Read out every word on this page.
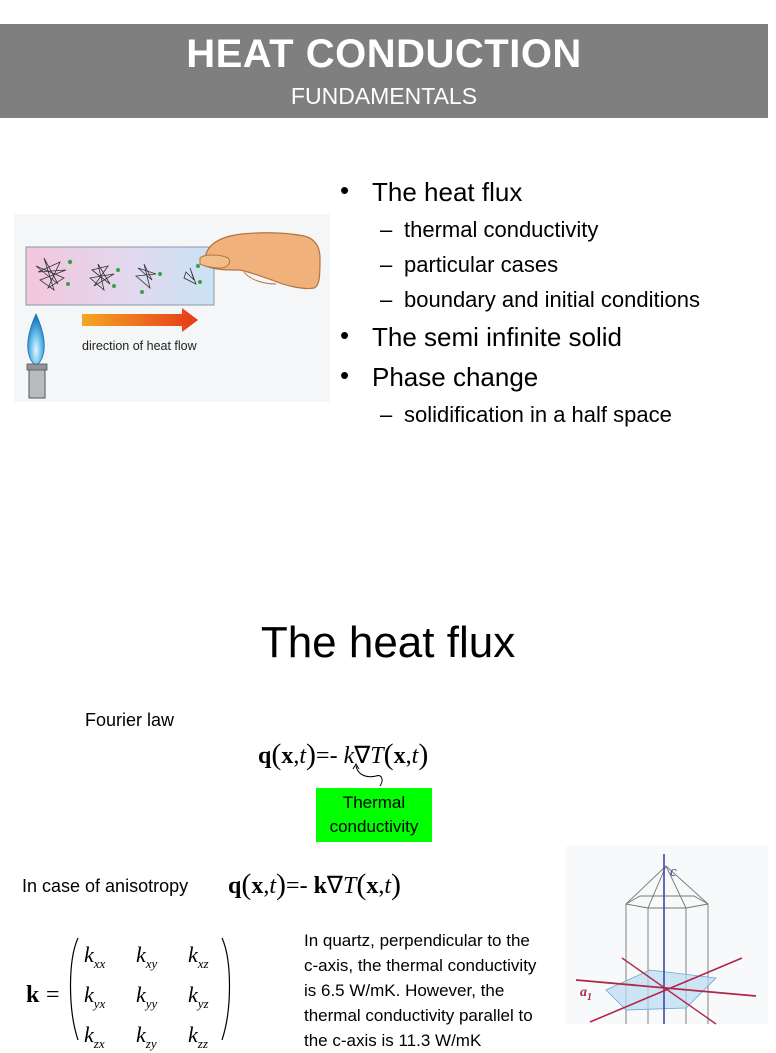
HEAT CONDUCTION
FUNDAMENTALS
direction of heat flow
• The heat flux
– thermal conductivity
– particular cases
– boundary and initial conditions
• The semi infinite solid
• Phase change
– solidification in a half space
The heat flux
Fourier law
q(x,t)=- k∇T(x,t)
Thermal conductivity
In case of anisotropy q(x,t)=- k∇T(x,t)
k =
$k_{xx}$ $k_{xy}$ $k_{xz}$
$k_{yx}$ $k_{yy}$ $k_{yz}$
$k_{zx}$ $k_{zy}$ $k_{zz}$
In quartz, perpendicular to the c-axis, the thermal conductivity is 6.5 W/mK. However, the thermal conductivity parallel to the c-axis is 11.3 W/mK
c
$a_1$
